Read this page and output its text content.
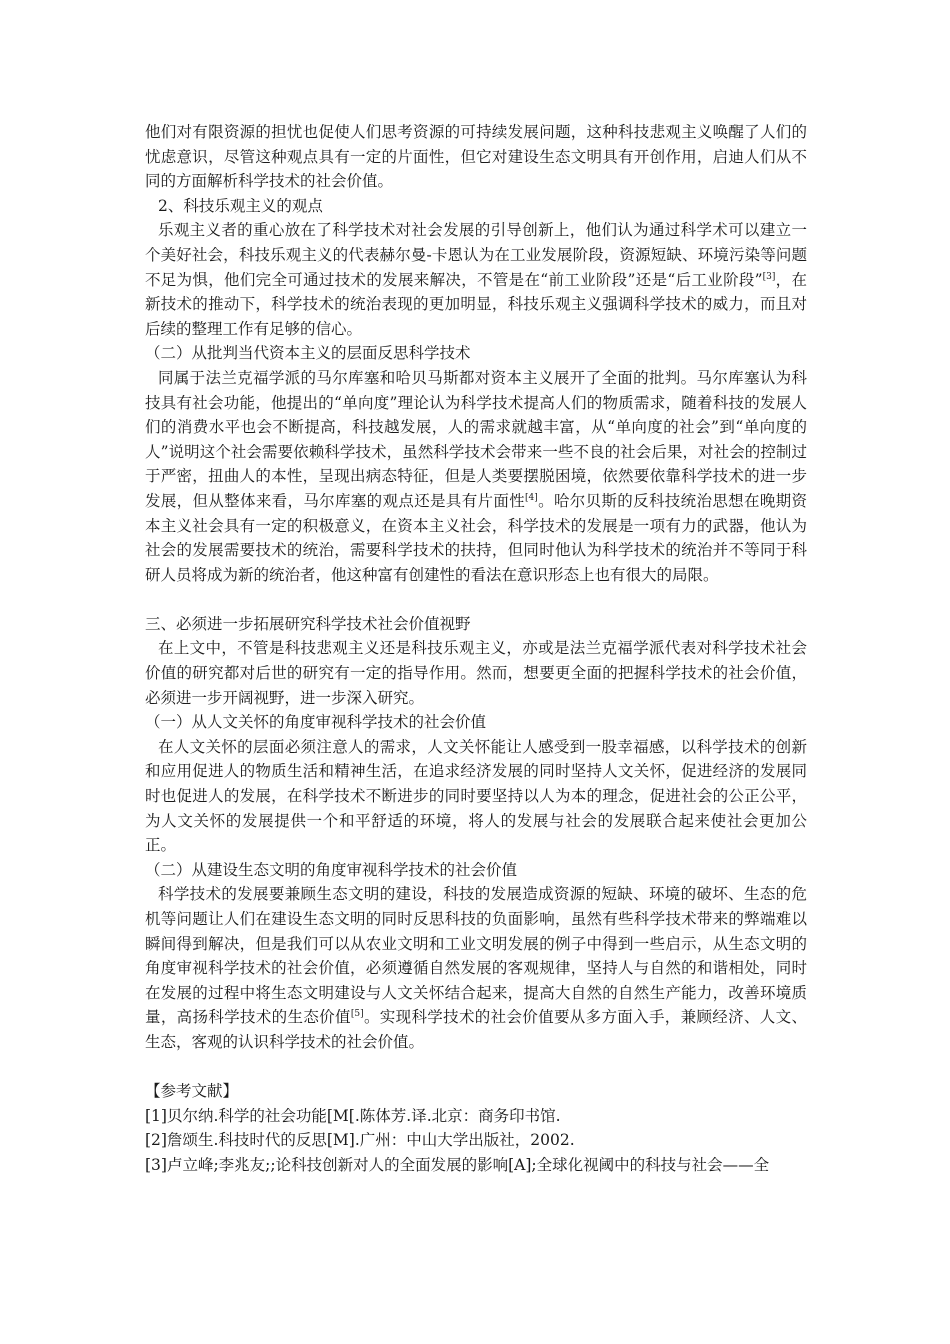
他们对有限资源的担忧也促使人们思考资源的可持续发展问题，这种科技悲观主义唤醒了人们的忧虑意识，尽管这种观点具有一定的片面性，但它对建设生态文明具有开创作用，启迪人们从不同的方面解析科学技术的社会价值。

2、科技乐观主义的观点

乐观主义者的重心放在了科学技术对社会发展的引导创新上，他们认为通过科学术可以建立一个美好社会，科技乐观主义的代表赫尔曼-卡恩认为在工业发展阶段，资源短缺、环境污染等问题不足为惧，他们完全可通过技术的发展来解决，不管是在“前工业阶段”还是“后工业阶段”[3]，在新技术的推动下，科学技术的统治表现的更加明显，科技乐观主义强调科学技术的威力，而且对后续的整理工作有足够的信心。

（二）从批判当代资本主义的层面反思科学技术

同属于法兰克福学派的马尔库塞和哈贝马斯都对资本主义展开了全面的批判。马尔库塞认为科技具有社会功能，他提出的“单向度”理论认为科学技术提高人们的物质需求，随着科技的发展人们的消费水平也会不断提高，科技越发展，人的需求就越丰富，从“单向度的社会”到“单向度的人”说明这个社会需要依赖科学技术，虽然科学技术会带来一些不良的社会后果，对社会的控制过于严密，扭曲人的本性，呈现出病态特征，但是人类要摆脱困境，依然要依靠科学技术的进一步发展，但从整体来看，马尔库塞的观点还是具有片面性[4]。哈尔贝斯的反科技统治思想在晚期资本主义社会具有一定的积极意义，在资本主义社会，科学技术的发展是一项有力的武器，他认为社会的发展需要技术的统治，需要科学技术的扶持，但同时他认为科学技术的统治并不等同于科研人员将成为新的统治者，他这种富有创建性的看法在意识形态上也有很大的局限。

三、必须进一步拓展研究科学技术社会价值视野

在上文中，不管是科技悲观主义还是科技乐观主义，亦或是法兰克福学派代表对科学技术社会价值的研究都对后世的研究有一定的指导作用。然而，想要更全面的把握科学技术的社会价值，必须进一步开阔视野，进一步深入研究。

（一）从人文关怀的角度审视科学技术的社会价值

在人文关怀的层面必须注意人的需求，人文关怀能让人感受到一股幸福感，以科学技术的创新和应用促进人的物质生活和精神生活，在追求经济发展的同时坚持人文关怀，促进经济的发展同时也促进人的发展，在科学技术不断进步的同时要坚持以人为本的理念，促进社会的公正公平，为人文关怀的发展提供一个和平舒适的环境，将人的发展与社会的发展联合起来使社会更加公正。

（二）从建设生态文明的角度审视科学技术的社会价值

科学技术的发展要兼顾生态文明的建设，科技的发展造成资源的短缺、环境的破坏、生态的危机等问题让人们在建设生态文明的同时反思科技的负面影响，虽然有些科学技术带来的弊端难以瞬间得到解决，但是我们可以从农业文明和工业文明发展的例子中得到一些启示，从生态文明的角度审视科学技术的社会价值，必须遵循自然发展的客观规律，坚持人与自然的和谐相处，同时在发展的过程中将生态文明建设与人文关怀结合起来，提高大自然的自然生产能力，改善环境质量，高扬科学技术的生态价值[5]。实现科学技术的社会价值要从多方面入手，兼顾经济、人文、生态，客观的认识科学技术的社会价值。

【参考文献】

[1]贝尔纳.科学的社会功能[M[.陈体芳.译.北京：商务印书馆.

[2]詹颂生.科技时代的反思[M].广州：中山大学出版社，2002.

[3]卢立峰;李兆友;;论科技创新对人的全面发展的影响[A];全球化视阈中的科技与社会——全
